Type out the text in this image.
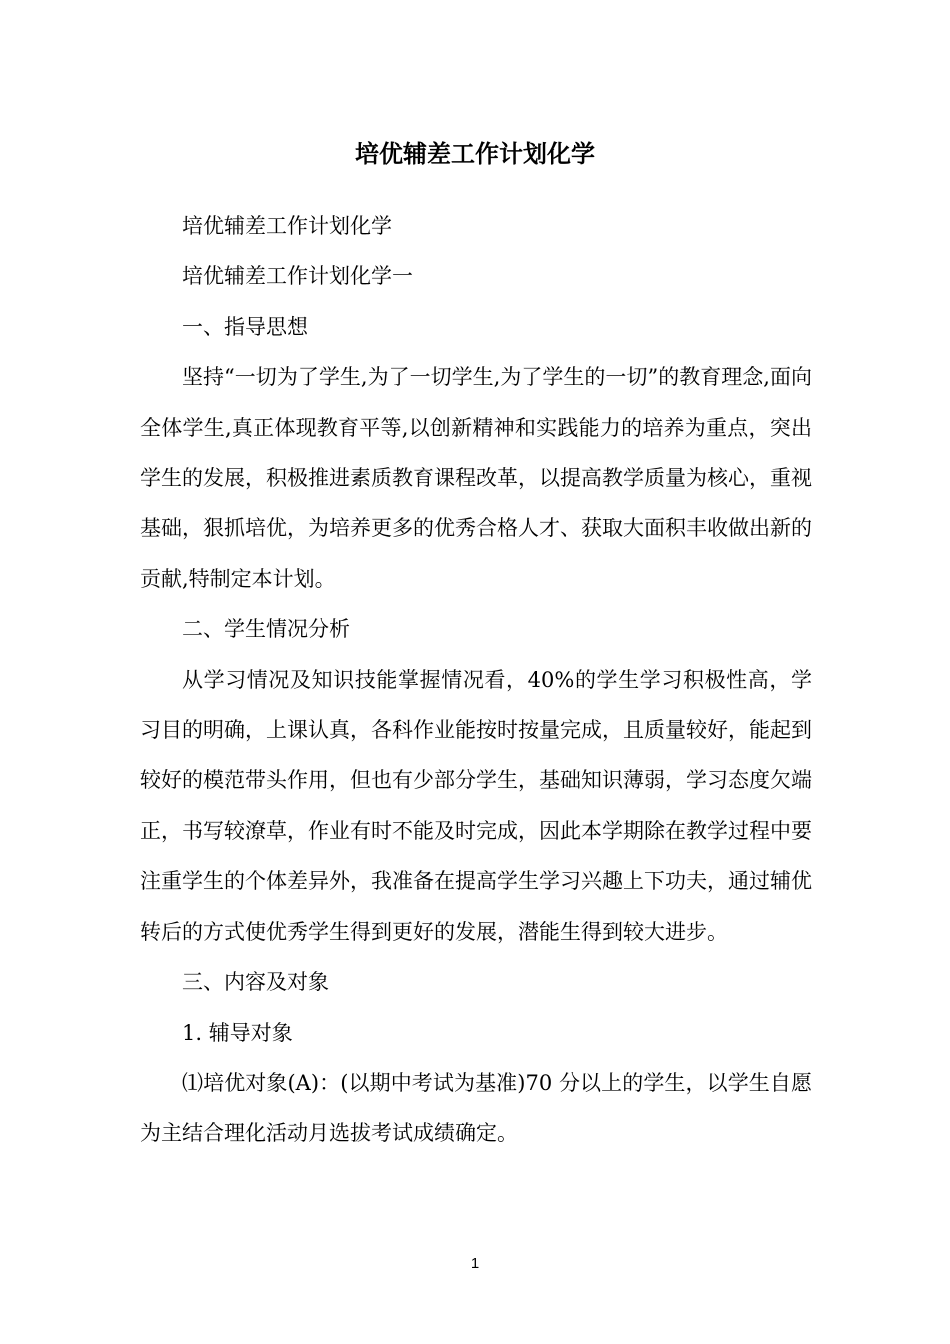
培优辅差工作计划化学

培优辅差工作计划化学

培优辅差工作计划化学一

一、指导思想

坚持“一切为了学生,为了一切学生,为了学生的一切”的教育理念,面向全体学生,真正体现教育平等,以创新精神和实践能力的培养为重点，突出学生的发展，积极推进素质教育课程改革，以提高教学质量为核心，重视基础，狠抓培优，为培养更多的优秀合格人才、获取大面积丰收做出新的贡献,特制定本计划。

二、学生情况分析

从学习情况及知识技能掌握情况看，40%的学生学习积极性高，学习目的明确，上课认真，各科作业能按时按量完成，且质量较好，能起到较好的模范带头作用，但也有少部分学生，基础知识薄弱，学习态度欠端正，书写较潦草，作业有时不能及时完成，因此本学期除在教学过程中要注重学生的个体差异外，我准备在提高学生学习兴趣上下功夫，通过辅优转后的方式使优秀学生得到更好的发展，潜能生得到较大进步。

三、内容及对象

1. 辅导对象

⑴培优对象(A)：(以期中考试为基准)70 分以上的学生，以学生自愿为主结合理化活动月选拔考试成绩确定。

1
